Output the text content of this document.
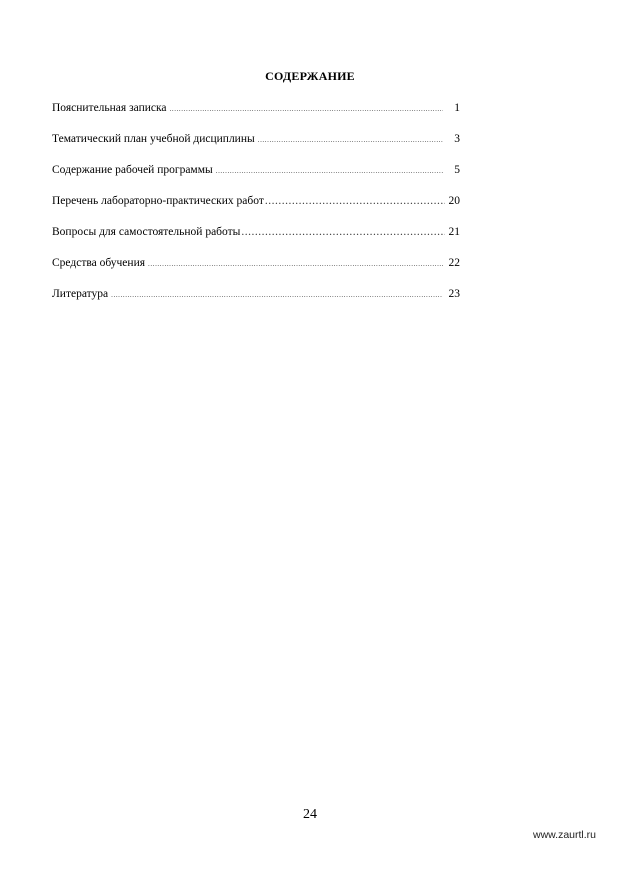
СОДЕРЖАНИЕ
Пояснительная записка .....	1
Тематический план учебной дисциплины .....	3
Содержание рабочей программы .....	5
Перечень лабораторно-практических работ .....	20
Вопросы для самостоятельной работы .....	21
Средства обучения .....	22
Литература .....	23
24
www.zaurtl.ru
